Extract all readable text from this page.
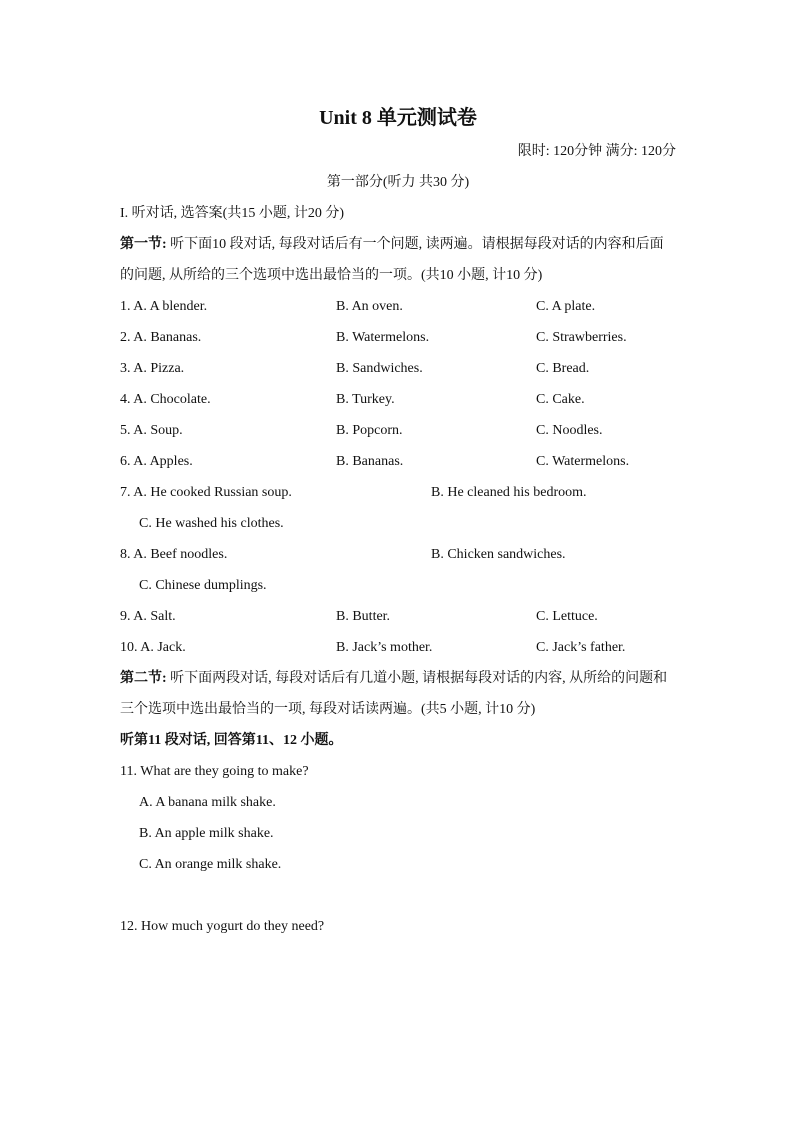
Unit 8 单元测试卷

限时: 120分钟 满分: 120分

第一部分(听力 共30 分)

I. 听对话, 选答案(共15 小题, 计20 分)

第一节: 听下面10 段对话, 每段对话后有一个问题, 读两遍。请根据每段对话的内容和后面的问题, 从所给的三个选项中选出最恰当的一项。(共10 小题, 计10 分)

1. A. A blender.	B. An oven.	C. A plate.
2. A. Bananas.	B. Watermelons.	C. Strawberries.
3. A. Pizza.	B. Sandwiches.	C. Bread.
4. A. Chocolate.	B. Turkey.	C. Cake.
5. A. Soup.	B. Popcorn.	C. Noodles.
6. A. Apples.	B. Bananas.	C. Watermelons.
7. A. He cooked Russian soup.	B. He cleaned his bedroom.
C. He washed his clothes.
8. A. Beef noodles.	B. Chicken sandwiches.
C. Chinese dumplings.
9. A. Salt.	B. Butter.	C. Lettuce.
10. A. Jack.	B. Jack’s mother.	C. Jack’s father.

第二节: 听下面两段对话, 每段对话后有几道小题, 请根据每段对话的内容, 从所给的问题和三个选项中选出最恰当的一项, 每段对话读两遍。(共5 小题, 计10 分)

听第11 段对话, 回答第11、12 小题。

11. What are they going to make?

A. A banana milk shake.

B. An apple milk shake.

C. An orange milk shake.

12. How much yogurt do they need?
